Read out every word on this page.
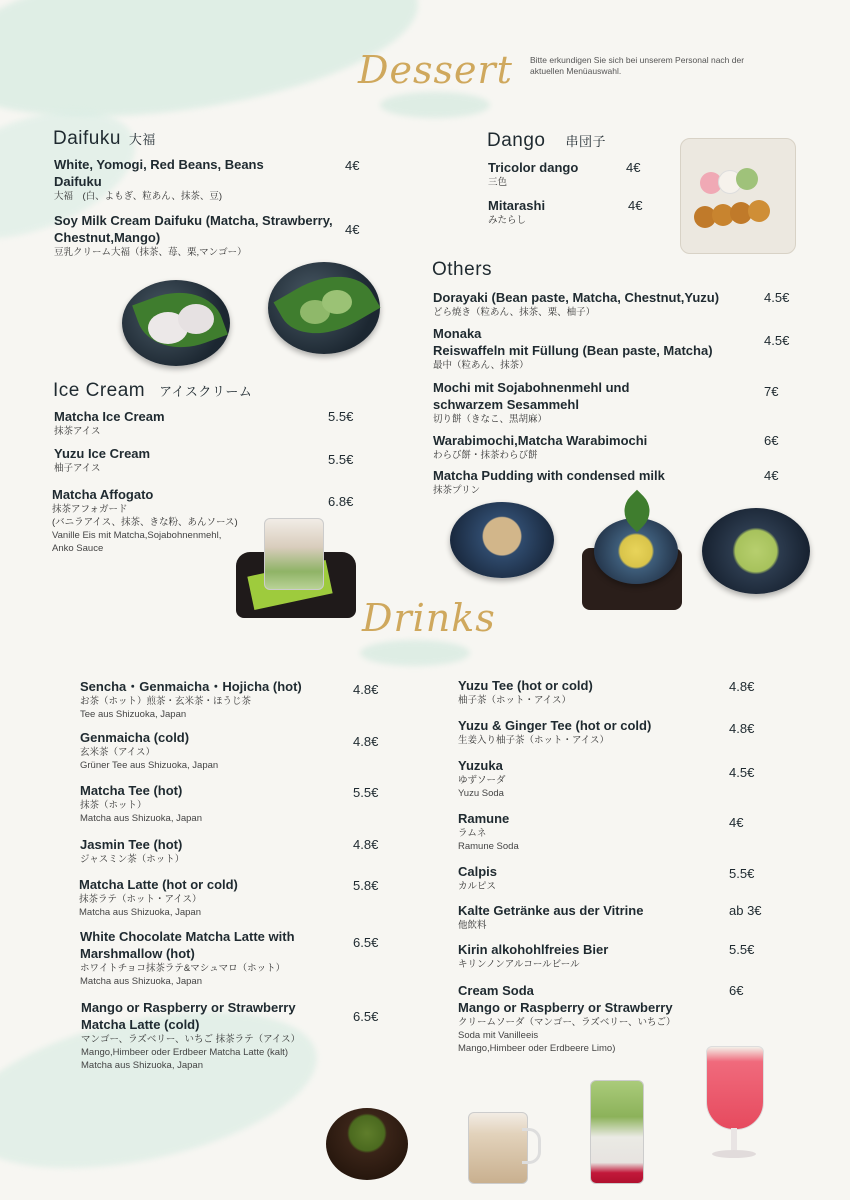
Dessert Bitte erkundigen Sie sich bei unserem Personal nach der aktuellen Menüauswahl.
Daifuku 大福
White, Yomogi, Red Beans, Beans Daifuku
大福　(白、よもぎ、粒あん、抹茶、豆)
4€
Soy Milk Cream Daifuku (Matcha, Strawberry, Chestnut,Mango)
豆乳クリーム大福（抹茶、苺、栗,マンゴー）
4€
Ice Cream アイスクリーム
Matcha Ice Cream
抹茶アイス
5.5€
Yuzu Ice Cream
柚子アイス
5.5€
Matcha Affogato
抹茶アフォガード
(バニラアイス、抹茶、きな粉、あんソース)
Vanille Eis mit Matcha,Sojabohnenmehl,
Anko Sauce
6.8€
Dango 串団子
Tricolor dango
三色
4€
Mitarashi
みたらし
4€
Others
Dorayaki (Bean paste, Matcha, Chestnut,Yuzu)
どら焼き（粒あん、抹茶、栗、柚子）
4.5€
Monaka
Reiswaffeln mit Füllung (Bean paste, Matcha)
最中（粒あん、抹茶）
4.5€
Mochi mit Sojabohnenmehl und
schwarzem Sesammehl
切り餅（きなこ、黒胡麻）
7€
Warabimochi,Matcha Warabimochi
わらび餅・抹茶わらび餅
6€
Matcha Pudding with condensed milk
抹茶プリン
4€
Drinks
Sencha・Genmaicha・Hojicha (hot)
お茶（ホット）煎茶・玄米茶・ほうじ茶
Tee aus Shizuoka, Japan
4.8€
Genmaicha (cold)
玄米茶（アイス）
Grüner Tee aus Shizuoka, Japan
4.8€
Matcha Tee (hot)
抹茶（ホット）
Matcha aus Shizuoka, Japan
5.5€
Jasmin Tee (hot)
ジャスミン茶（ホット）
4.8€
Matcha Latte (hot or cold)
抹茶ラテ（ホット・アイス）
Matcha aus Shizuoka, Japan
5.8€
White Chocolate Matcha Latte with
Marshmallow (hot)
ホワイトチョコ抹茶ラテ&マシュマロ（ホット）
Matcha aus Shizuoka, Japan
6.5€
Mango or Raspberry or Strawberry
Matcha Latte (cold)
マンゴー、ラズベリー、いちご 抹茶ラテ（アイス）
Mango,Himbeer oder Erdbeer Matcha Latte (kalt)
Matcha aus Shizuoka, Japan
6.5€
Yuzu Tee (hot or cold)
柚子茶（ホット・アイス）
4.8€
Yuzu & Ginger Tee (hot or cold)
生姜入り柚子茶（ホット・アイス）
4.8€
Yuzuka
ゆずソーダ
Yuzu Soda
4.5€
Ramune
ラムネ
Ramune Soda
4€
Calpis
カルピス
5.5€
Kalte Getränke aus der Vitrine
他飲料
ab 3€
Kirin alkohohlfreies Bier
キリンノンアルコールビール
5.5€
Cream Soda
Mango or Raspberry or Strawberry
クリームソーダ（マンゴー、ラズベリー、いちご）
Soda mit Vanilleeis
Mango,Himbeer oder Erdbeere Limo)
6€
